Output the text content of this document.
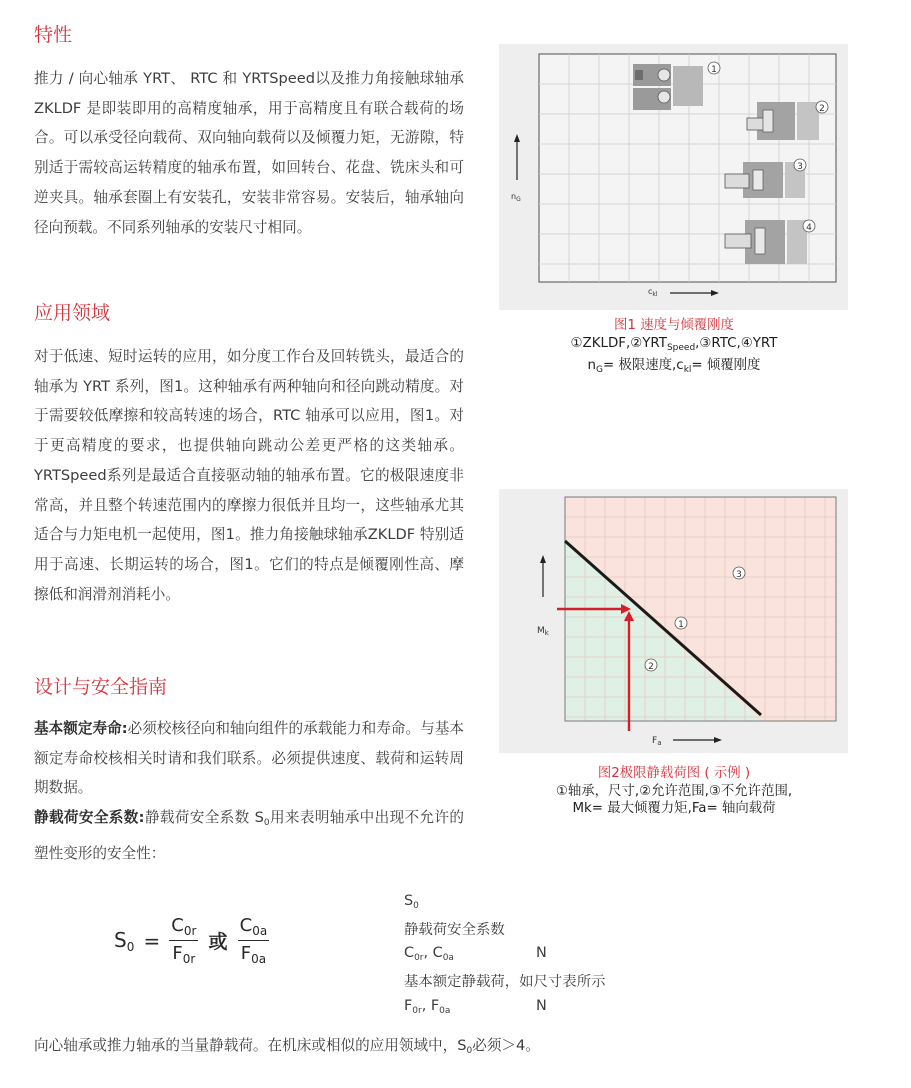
特性

推力 / 向心轴承 YRT、 RTC 和 YRTSpeed以及推力角接触球轴承ZKLDF 是即装即用的高精度轴承，用于高精度且有联合载荷的场合。可以承受径向载荷、双向轴向载荷以及倾覆力矩，无游隙，特别适于需较高运转精度的轴承布置，如回转台、花盘、铣床头和可逆夹具。轴承套圈上有安装孔，安装非常容易。安装后，轴承轴向径向预载。不同系列轴承的安装尺寸相同。

应用领域

对于低速、短时运转的应用，如分度工作台及回转铣头，最适合的轴承为 YRT 系列，图1。这种轴承有两种轴向和径向跳动精度。对于需要较低摩擦和较高转速的场合，RTC 轴承可以应用，图1。对于更高精度的要求，也提供轴向跳动公差更严格的这类轴承。YRTSpeed系列是最适合直接驱动轴的轴承布置。它的极限速度非常高，并且整个转速范围内的摩擦力很低并且均一，这些轴承尤其适合与力矩电机一起使用，图1。推力角接触球轴承ZKLDF 特别适用于高速、长期运转的场合，图1。它们的特点是倾覆刚性高、摩擦低和润滑剂消耗小。

设计与安全指南

基本额定寿命:必须校核径向和轴向组件的承载能力和寿命。与基本额定寿命校核相关时请和我们联系。必须提供速度、载荷和运转周期数据。

静载荷安全系数:静载荷安全系数 $S_0$用来表明轴承中出现不允许的塑性变形的安全性：

1
2
3
4
$n_G$
$c_{kl}$
图1 速度与倾覆刚度
$①ZKLDF,②YRT_{Speed},③RTC,④YRT$
$n_G=$ 极限速度$,c_{kl}=$ 倾覆刚度
1
2
3
$M_k$
$F_a$
图2极限静载荷图 ( 示例 )
①轴承，尺寸,②允许范围,③不允许范围,
Mk= 最大倾覆力矩,Fa= 轴向载荷
$S_0 = \frac{C_{0r}}{F_{0r}}$ 或 $\frac{C_{0a}}{F_{0a}}$
$S_0$
静载荷安全系数
$C_{0r}$, $C_{0a}$	N
基本额定静载荷，如尺寸表所示
$F_{0r}$, $F_{0a}$	N

向心轴承或推力轴承的当量静载荷。在机床或相似的应用领域中，$S_0$必须＞4。
